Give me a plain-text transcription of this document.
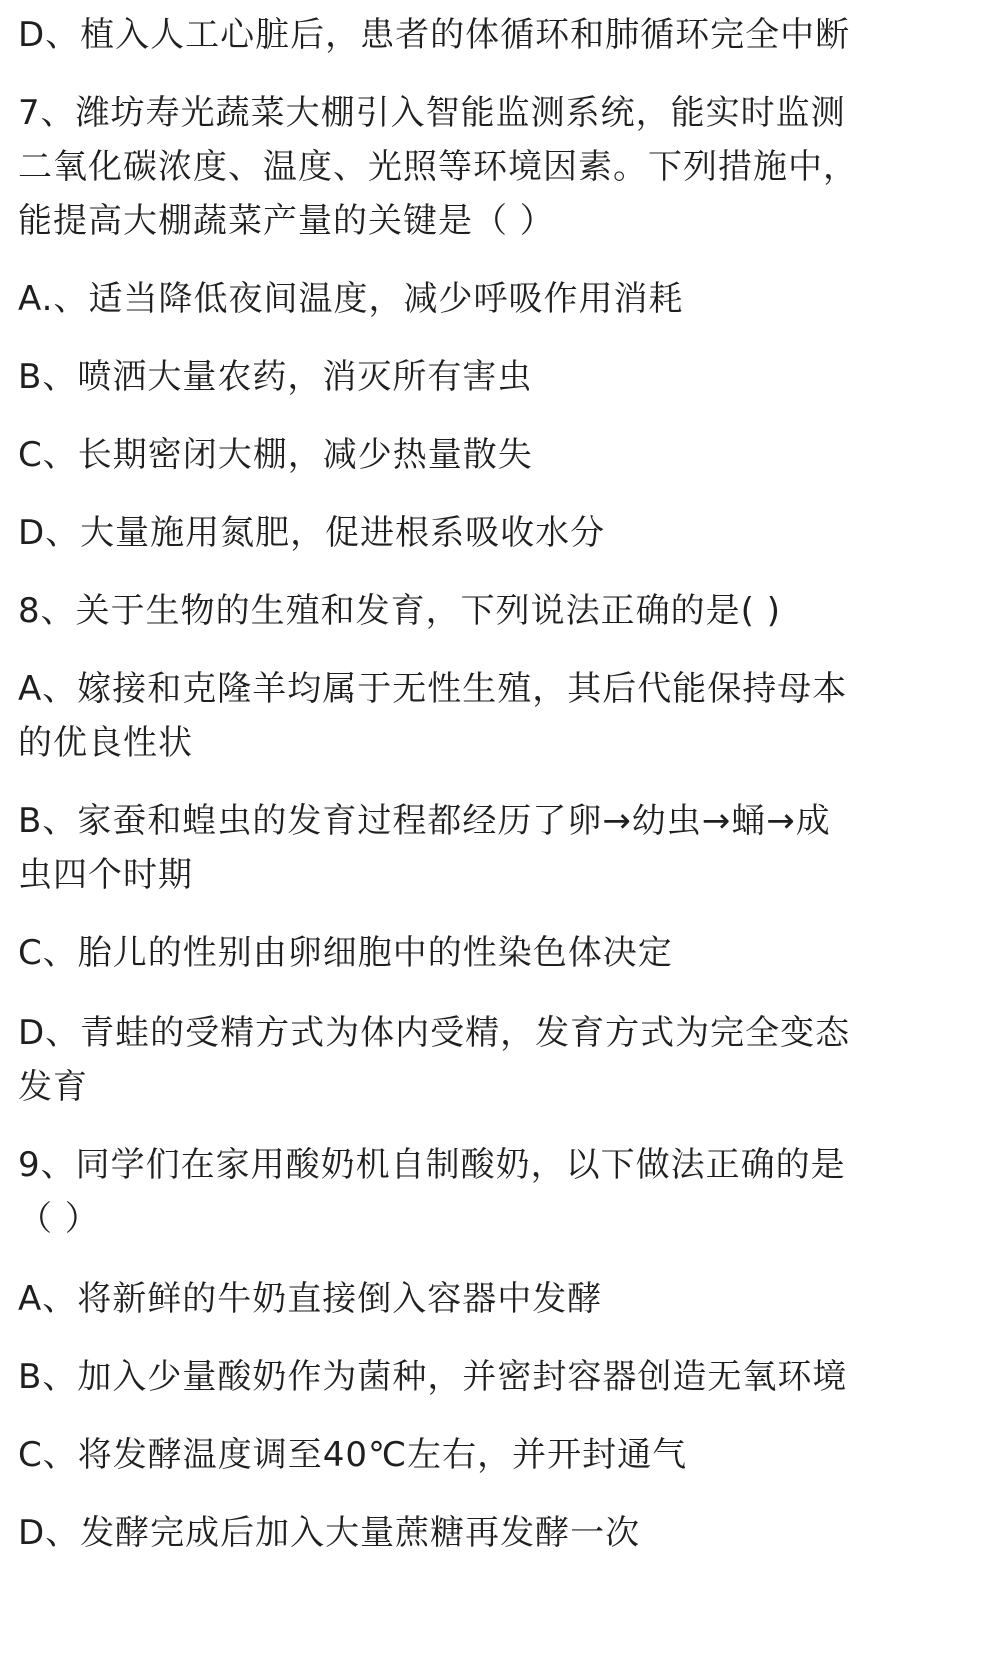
D、植入人工心脏后，患者的体循环和肺循环完全中断
7、潍坊寿光蔬菜大棚引入智能监测系统，能实时监测
二氧化碳浓度、温度、光照等环境因素。下列措施中，
能提高大棚蔬菜产量的关键是（ ）
A.、适当降低夜间温度，减少呼吸作用消耗
B、喷洒大量农药，消灭所有害虫
C、长期密闭大棚，减少热量散失
D、大量施用氮肥，促进根系吸收水分
8、关于生物的生殖和发育，下列说法正确的是( )
A、嫁接和克隆羊均属于无性生殖，其后代能保持母本
的优良性状
B、家蚕和蝗虫的发育过程都经历了卵→幼虫→蛹→成
虫四个时期
C、胎儿的性别由卵细胞中的性染色体决定
D、青蛙的受精方式为体内受精，发育方式为完全变态
发育
9、同学们在家用酸奶机自制酸奶，以下做法正确的是
（ ）
A、将新鲜的牛奶直接倒入容器中发酵
B、加入少量酸奶作为菌种，并密封容器创造无氧环境
C、将发酵温度调至40℃左右，并开封通气
D、发酵完成后加入大量蔗糖再发酵一次
